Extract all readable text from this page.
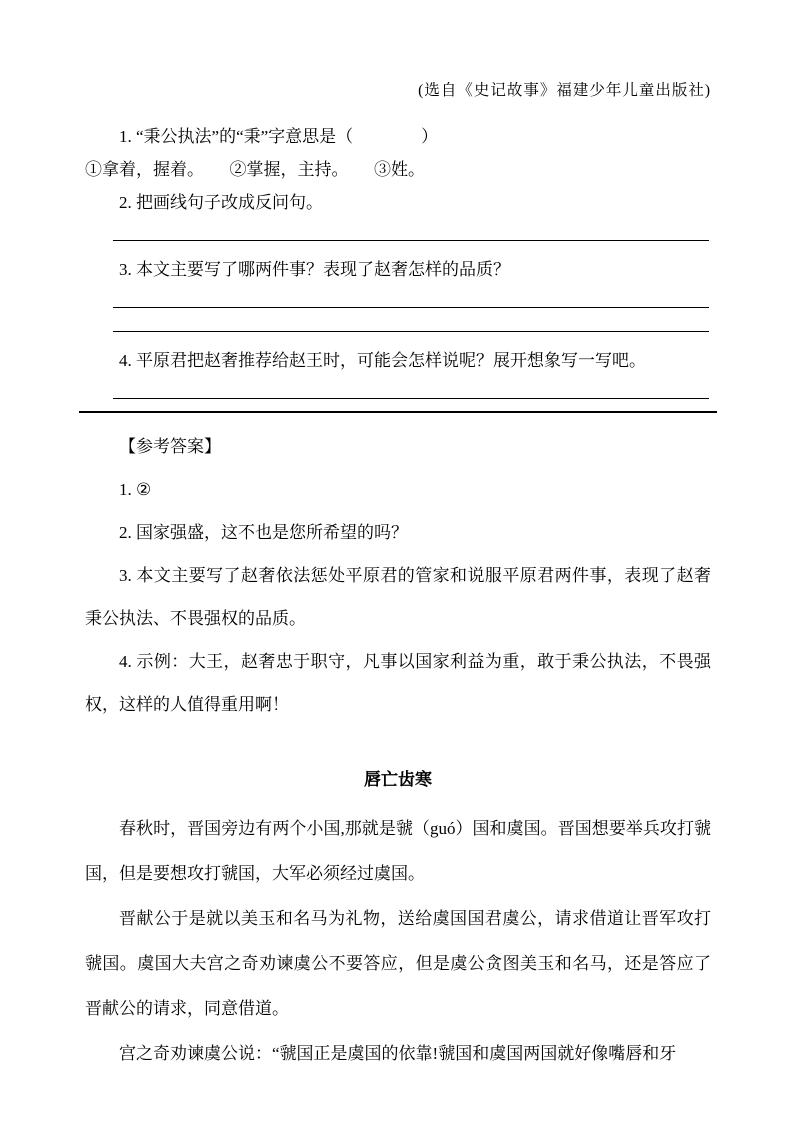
(选自《史记故事》福建少年儿童出版社)

1. “秉公执法”的“秉”字意思是（　　　　）

①拿着，握着。　　②掌握，主持。　　③姓。

2. 把画线句子改成反问句。

3. 本文主要写了哪两件事？表现了赵奢怎样的品质？

4. 平原君把赵奢推荐给赵王时，可能会怎样说呢？展开想象写一写吧。

【参考答案】

1. ②

2. 国家强盛，这不也是您所希望的吗？

3. 本文主要写了赵奢依法惩处平原君的管家和说服平原君两件事，表现了赵奢秉公执法、不畏强权的品质。

4. 示例：大王，赵奢忠于职守，凡事以国家利益为重，敢于秉公执法，不畏强权，这样的人值得重用啊！

唇亡齿寒

春秋时，晋国旁边有两个小国,那就是虢（guó）国和虞国。晋国想要举兵攻打虢国，但是要想攻打虢国，大军必须经过虞国。

晋献公于是就以美玉和名马为礼物，送给虞国国君虞公，请求借道让晋军攻打虢国。虞国大夫宫之奇劝谏虞公不要答应，但是虞公贪图美玉和名马，还是答应了晋献公的请求，同意借道。

宫之奇劝谏虞公说：“虢国正是虞国的依靠!虢国和虞国两国就好像嘴唇和牙
